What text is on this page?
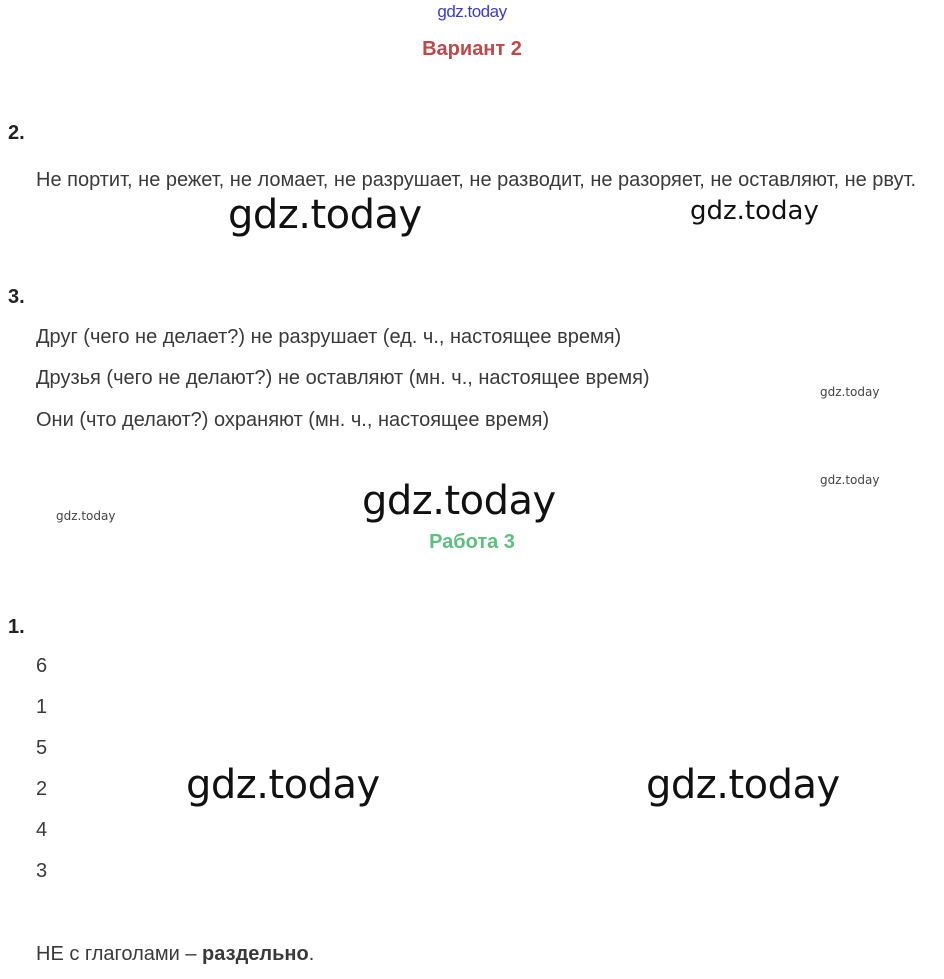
gdz.today
Вариант 2
2.
Не портит, не режет, не ломает, не разрушает, не разводит, не разоряет, не оставляют, не рвут.
gdz.today	gdz.today
3.
Друг (чего не делает?) не разрушает (ед. ч., настоящее время)
Друзья (чего не делают?) не оставляют (мн. ч., настоящее время)
Они (что делают?) охраняют (мн. ч., настоящее время)
gdz.today
gdz.today
gdz.today
gdz.today
Работа 3
1.
6
1
5
2
4
3
gdz.today	gdz.today
НЕ с глаголами – раздельно.
